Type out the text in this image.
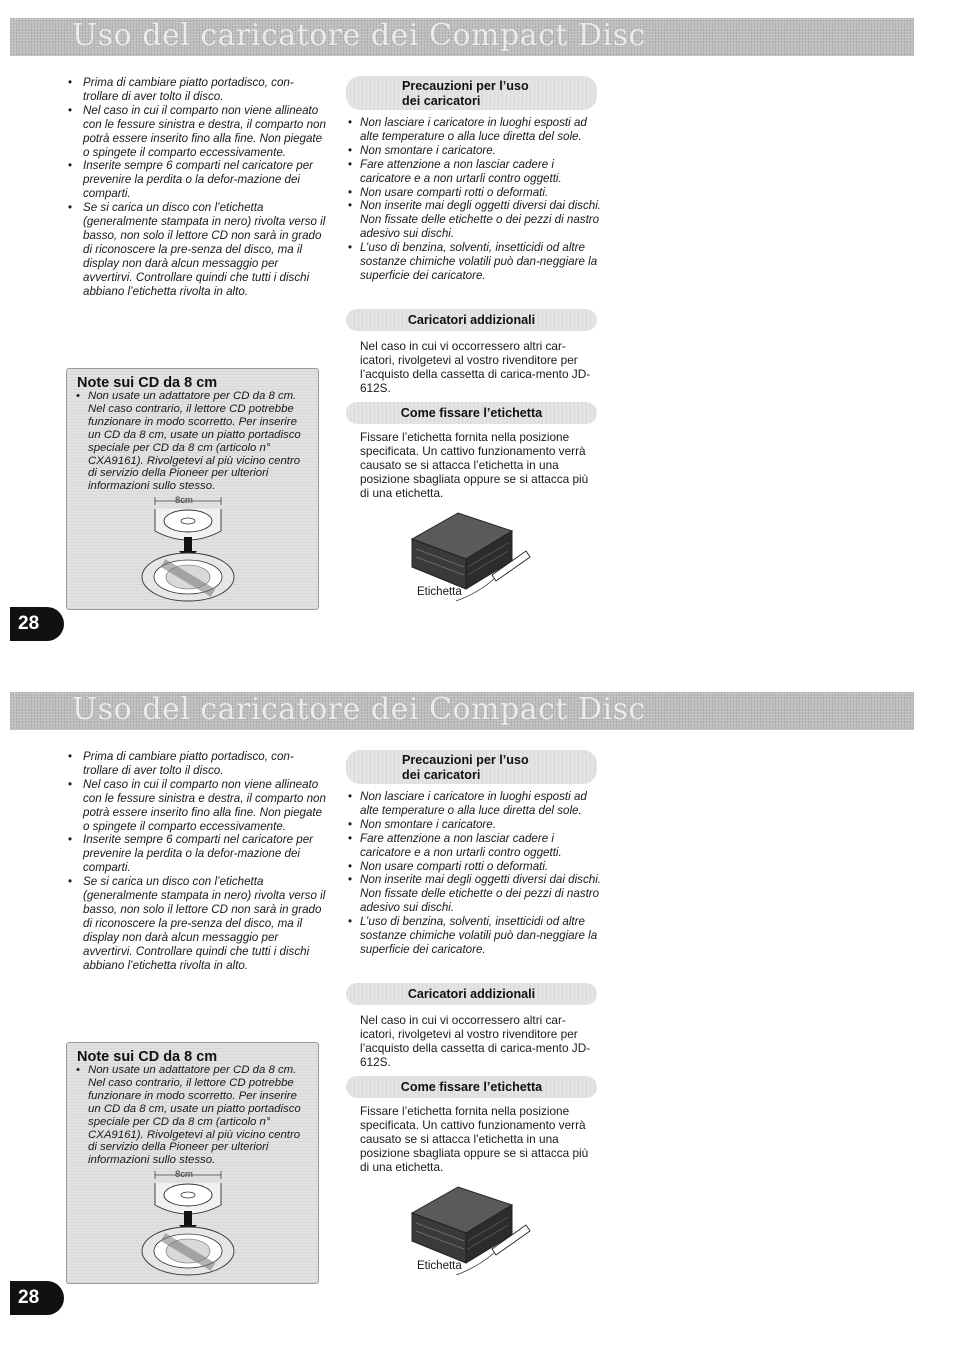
Uso del caricatore dei Compact Disc
• Prima di cambiare piatto portadisco, con-trollare di aver tolto il disco.
• Nel caso in cui il comparto non viene allineato con le fessure sinistra e destra, il comparto non potrà essere inserito fino alla fine. Non piegate o spingete il comparto eccessivamente.
• Inserite sempre 6 comparti nel caricatore per prevenire la perdita o la defor-mazione dei comparti.
• Se si carica un disco con l’etichetta (generalmente stampata in nero) rivolta verso il basso, non solo il lettore CD non sarà in grado di riconoscere la pre-senza del disco, ma il display non darà alcun messaggio per avvertirvi. Controllare quindi che tutti i dischi abbiano l’etichetta rivolta in alto.
Note sui CD da 8 cm
• Non usate un adattatore per CD da 8 cm. Nel caso contrario, il lettore CD potrebbe funzionare in modo scorretto. Per inserire un CD da 8 cm, usate un piatto portadisco speciale per CD da 8 cm (articolo n° CXA9161). Rivolgetevi al più vicino centro di servizio della Pioneer per ulteriori informazioni sullo stesso.
8cm
Precauzioni per l’uso
dei caricatori
• Non lasciare i caricatore in luoghi esposti ad alte temperature o alla luce diretta del sole.
• Non smontare i caricatore.
• Fare attenzione a non lasciar cadere i caricatore e a non urtarli contro oggetti.
• Non usare comparti rotti o deformati.
• Non inserite mai degli oggetti diversi dai dischi. Non fissate delle etichette o dei pezzi di nastro adesivo sui dischi.
• L’uso di benzina, solventi, insetticidi od altre sostanze chimiche volatili può dan-neggiare la superficie dei caricatore.
Caricatori addizionali
Nel caso in cui vi occorressero altri car-icatori, rivolgetevi al vostro rivenditore per l’acquisto della cassetta di carica-mento JD-612S.
Come fissare l’etichetta
Fissare l’etichetta fornita nella posizione specificata. Un cattivo funzionamento verrà causato se si attacca l’etichetta in una posizione sbagliata oppure se si attacca più di una etichetta.
Etichetta
28
Uso del caricatore dei Compact Disc
• Prima di cambiare piatto portadisco, con-trollare di aver tolto il disco.
• Nel caso in cui il comparto non viene allineato con le fessure sinistra e destra, il comparto non potrà essere inserito fino alla fine. Non piegate o spingete il comparto eccessivamente.
• Inserite sempre 6 comparti nel caricatore per prevenire la perdita o la defor-mazione dei comparti.
• Se si carica un disco con l’etichetta (generalmente stampata in nero) rivolta verso il basso, non solo il lettore CD non sarà in grado di riconoscere la pre-senza del disco, ma il display non darà alcun messaggio per avvertirvi. Controllare quindi che tutti i dischi abbiano l’etichetta rivolta in alto.
Note sui CD da 8 cm
• Non usate un adattatore per CD da 8 cm. Nel caso contrario, il lettore CD potrebbe funzionare in modo scorretto. Per inserire un CD da 8 cm, usate un piatto portadisco speciale per CD da 8 cm (articolo n° CXA9161). Rivolgetevi al più vicino centro di servizio della Pioneer per ulteriori informazioni sullo stesso.
8cm
Precauzioni per l’uso
dei caricatori
• Non lasciare i caricatore in luoghi esposti ad alte temperature o alla luce diretta del sole.
• Non smontare i caricatore.
• Fare attenzione a non lasciar cadere i caricatore e a non urtarli contro oggetti.
• Non usare comparti rotti o deformati.
• Non inserite mai degli oggetti diversi dai dischi. Non fissate delle etichette o dei pezzi di nastro adesivo sui dischi.
• L’uso di benzina, solventi, insetticidi od altre sostanze chimiche volatili può dan-neggiare la superficie dei caricatore.
Caricatori addizionali
Nel caso in cui vi occorressero altri car-icatori, rivolgetevi al vostro rivenditore per l’acquisto della cassetta di carica-mento JD-612S.
Come fissare l’etichetta
Fissare l’etichetta fornita nella posizione specificata. Un cattivo funzionamento verrà causato se si attacca l’etichetta in una posizione sbagliata oppure se si attacca più di una etichetta.
Etichetta
28
